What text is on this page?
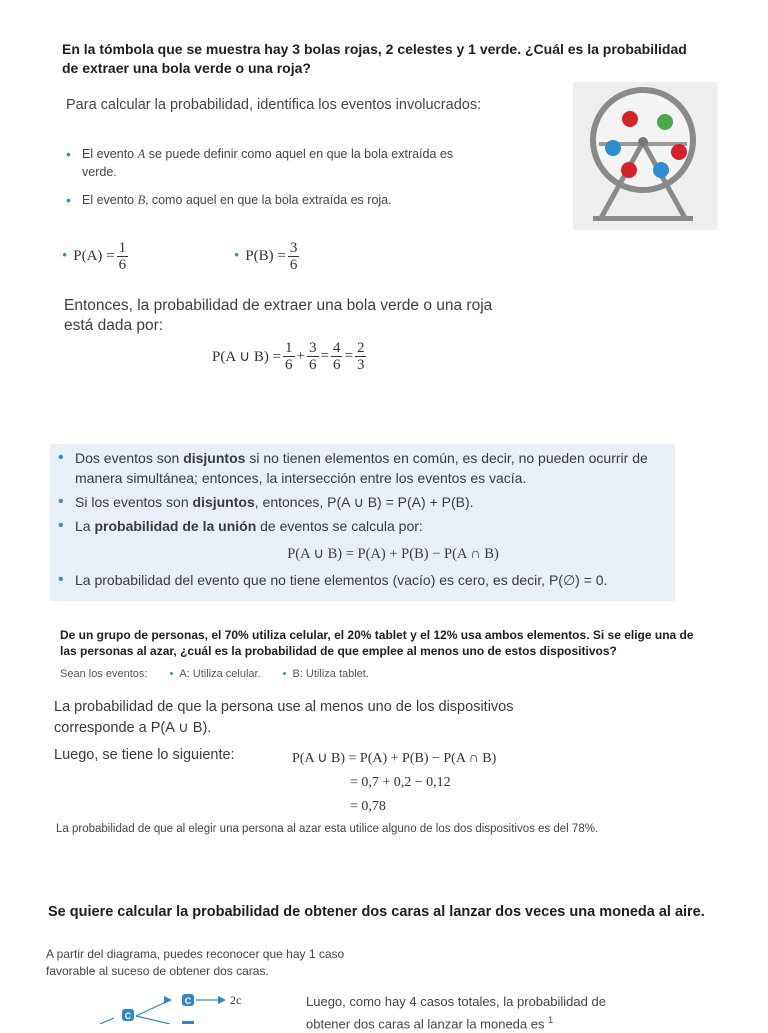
En la tómbola que se muestra hay 3 bolas rojas, 2 celestes y 1 verde. ¿Cuál es la probabilidad de extraer una bola verde o una roja?
Para calcular la probabilidad, identifica los eventos involucrados:
• El evento A se puede definir como aquel en que la bola extraída es verde.
• El evento B, como aquel en que la bola extraída es roja.
• $P(A) = \frac{1}{6}$	• $P(B) = \frac{3}{6}$
Entonces, la probabilidad de extraer una bola verde o una roja está dada por:
P(A ∪ $B) = \frac{1}{6} + \frac{3}{6} = \frac{4}{6} = \frac{2}{3}$
• Dos eventos son disjuntos si no tienen elementos en común, es decir, no pueden ocurrir de manera simultánea; entonces, la intersección entre los eventos es vacía.
• Si los eventos son disjuntos, entonces, P(A ∪ B) = P(A) + P(B).
• La probabilidad de la unión de eventos se calcula por:
P(A ∪ B) = P(A) + P(B) − P(A ∩ B)
• La probabilidad del evento que no tiene elementos (vacío) es cero, es decir, P(∅) = 0.
De un grupo de personas, el 70% utiliza celular, el 20% tablet y el 12% usa ambos elementos. Si se elige una de las personas al azar, ¿cuál es la probabilidad de que emplee al menos uno de estos dispositivos?
Sean los eventos: • A: Utiliza celular. • B: Utiliza tablet.
La probabilidad de que la persona use al menos uno de los dispositivos corresponde a P(A ∪ B).
Luego, se tiene lo siguiente:	P(A ∪ B) = P(A) + P(B) − P(A ∩ B)
= 0,7 + 0,2 − 0,12
= 0,78
La probabilidad de que al elegir una persona al azar esta utilice alguno de los dos dispositivos es del 78%.
Se quiere calcular la probabilidad de obtener dos caras al lanzar dos veces una moneda al aire.
A partir del diagrama, puedes reconocer que hay 1 caso favorable al suceso de obtener dos caras.
C
C	2c	Luego, como hay 4 casos totales, la probabilidad de obtener dos caras al lanzar la moneda es $^1$
